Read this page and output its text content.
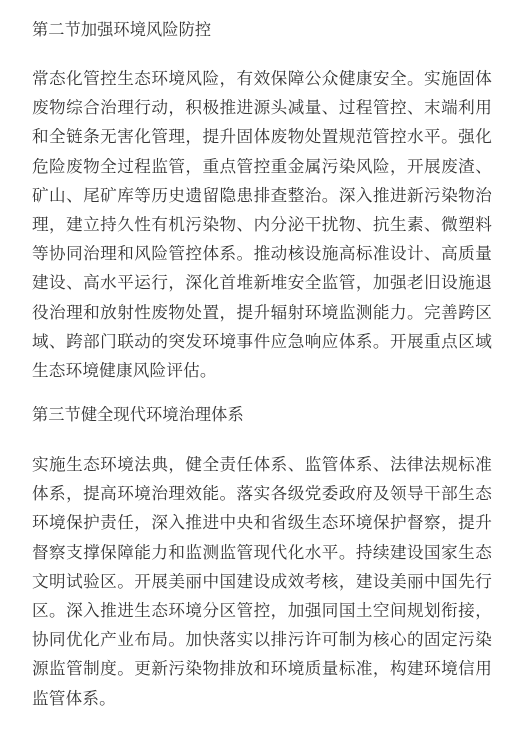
第二节加强环境风险防控

常态化管控生态环境风险，有效保障公众健康安全。实施固体废物综合治理行动，积极推进源头减量、过程管控、末端利用和全链条无害化管理，提升固体废物处置规范管控水平。强化危险废物全过程监管，重点管控重金属污染风险，开展废渣、矿山、尾矿库等历史遗留隐患排查整治。深入推进新污染物治理，建立持久性有机污染物、内分泌干扰物、抗生素、微塑料等协同治理和风险管控体系。推动核设施高标准设计、高质量建设、高水平运行，深化首堆新堆安全监管，加强老旧设施退役治理和放射性废物处置，提升辐射环境监测能力。完善跨区域、跨部门联动的突发环境事件应急响应体系。开展重点区域生态环境健康风险评估。

第三节健全现代环境治理体系

实施生态环境法典，健全责任体系、监管体系、法律法规标准体系，提高环境治理效能。落实各级党委政府及领导干部生态环境保护责任，深入推进中央和省级生态环境保护督察，提升督察支撑保障能力和监测监管现代化水平。持续建设国家生态文明试验区。开展美丽中国建设成效考核，建设美丽中国先行区。深入推进生态环境分区管控，加强同国土空间规划衔接，协同优化产业布局。加快落实以排污许可制为核心的固定污染源监管制度。更新污染物排放和环境质量标准，构建环境信用监管体系。
